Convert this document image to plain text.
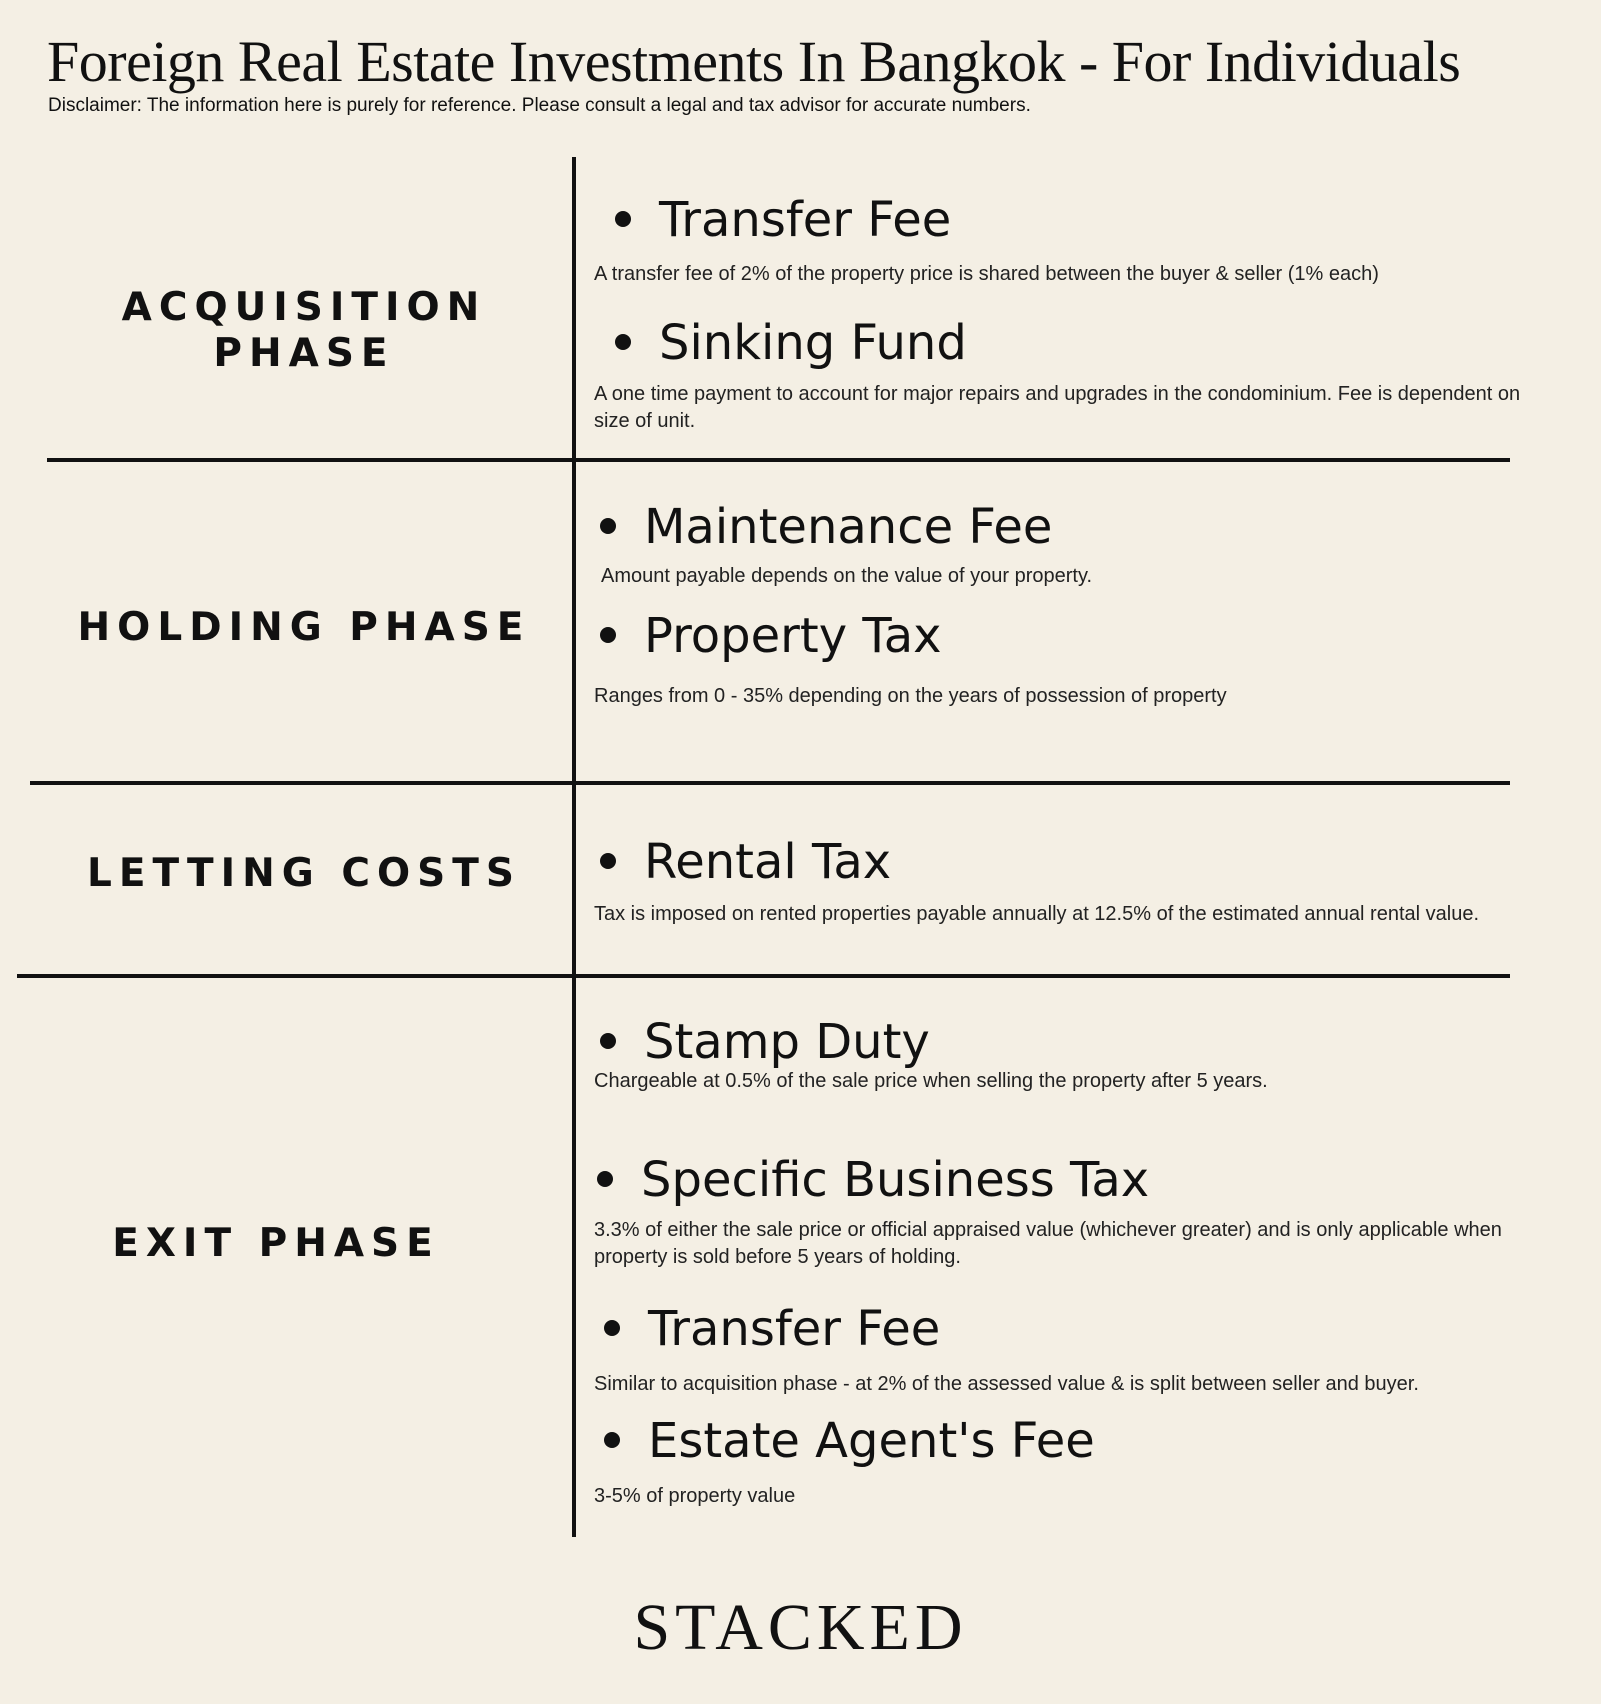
Foreign Real Estate Investments In Bangkok - For Individuals
Disclaimer: The information here is purely for reference. Please consult a legal and tax advisor for accurate numbers.
ACQUISITION
PHASE
Transfer Fee
A transfer fee of 2% of the property price is shared between the buyer & seller (1% each)
Sinking Fund
A one time payment to account for major repairs and upgrades in the condominium. Fee is dependent on size of unit.
HOLDING PHASE
Maintenance Fee
Amount payable depends on the value of your property.
Property Tax
Ranges from 0 - 35% depending on the years of possession of property
LETTING COSTS	Rental Tax
Tax is imposed on rented properties payable annually at 12.5% of the estimated annual rental value.
EXIT PHASE
Stamp Duty
Chargeable at 0.5% of the sale price when selling the property after 5 years.
Specific Business Tax
3.3% of either the sale price or official appraised value (whichever greater) and is only applicable when property is sold before 5 years of holding.
Transfer Fee
Similar to acquisition phase - at 2% of the assessed value & is split between seller and buyer.
Estate Agent's Fee
3-5% of property value
STACKED
